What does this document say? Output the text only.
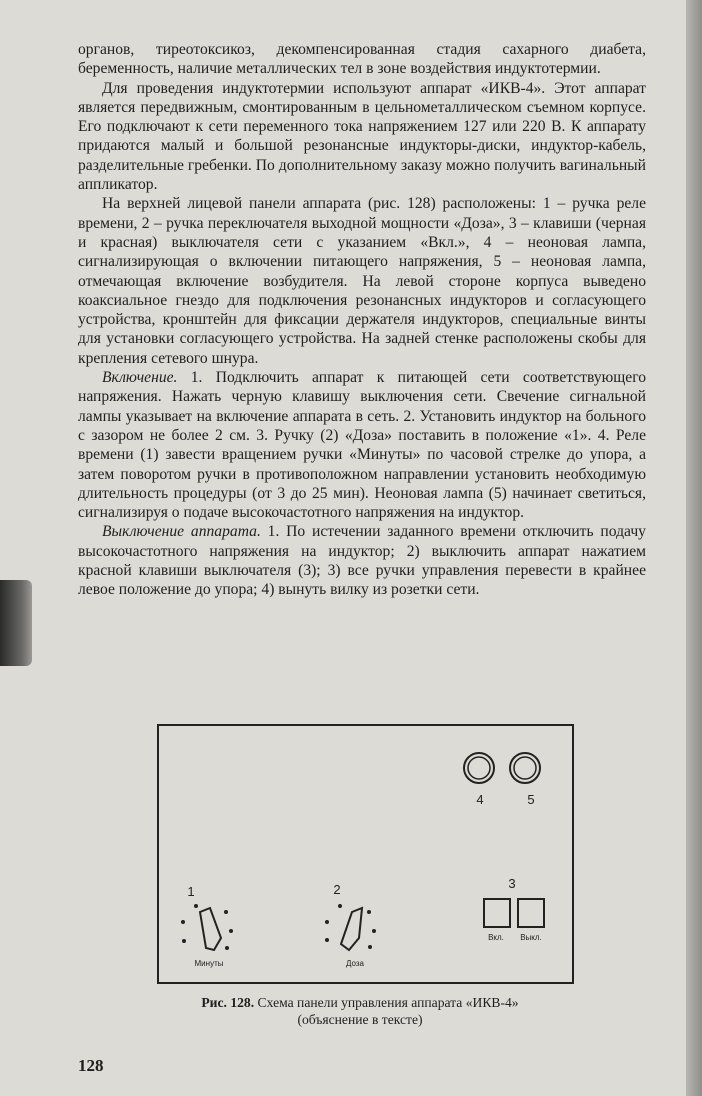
органов, тиреотоксикоз, декомпенсированная стадия сахарного диабета, беременность, наличие металлических тел в зоне воздействия индуктотермии.

Для проведения индуктотермии используют аппарат «ИКВ-4». Этот аппарат является передвижным, смонтированным в цельнометаллическом съемном корпусе. Его подключают к сети переменного тока напряжением 127 или 220 В. К аппарату придаются малый и большой резонансные индукторы-диски, индуктор-кабель, разделительные гребенки. По дополнительному заказу можно получить вагинальный аппликатор.

На верхней лицевой панели аппарата (рис. 128) расположены: 1 – ручка реле времени, 2 – ручка переключателя выходной мощности «Доза», 3 – клавиши (черная и красная) выключателя сети с указанием «Вкл.», 4 – неоновая лампа, сигнализирующая о включении питающего напряжения, 5 – неоновая лампа, отмечающая включение возбудителя. На левой стороне корпуса выведено коаксиальное гнездо для подключения резонансных индукторов и согласующего устройства, кронштейн для фиксации держателя индукторов, специальные винты для установки согласующего устройства. На задней стенке расположены скобы для крепления сетевого шнура.

Включение. 1. Подключить аппарат к питающей сети соответствующего напряжения. Нажать черную клавишу выключения сети. Свечение сигнальной лампы указывает на включение аппарата в сеть. 2. Установить индуктор на больного с зазором не более 2 см. 3. Ручку (2) «Доза» поставить в положение «1». 4. Реле времени (1) завести вращением ручки «Минуты» по часовой стрелке до упора, а затем поворотом ручки в противоположном направлении установить необходимую длительность процедуры (от 3 до 25 мин). Неоновая лампа (5) начинает светиться, сигнализируя о подаче высокочастотного напряжения на индуктор.

Выключение аппарата. 1. По истечении заданного времени отключить подачу высокочастотного напряжения на индуктор; 2) выключить аппарат нажатием красной клавиши выключателя (3); 3) все ручки управления перевести в крайнее левое положение до упора; 4) вынуть вилку из розетки сети.

4	5
3
Вкл. Выкл.
1
Минуты
2
Доза
Рис. 128. Схема панели управления аппарата «ИКВ-4»
(объяснение в тексте)
128
